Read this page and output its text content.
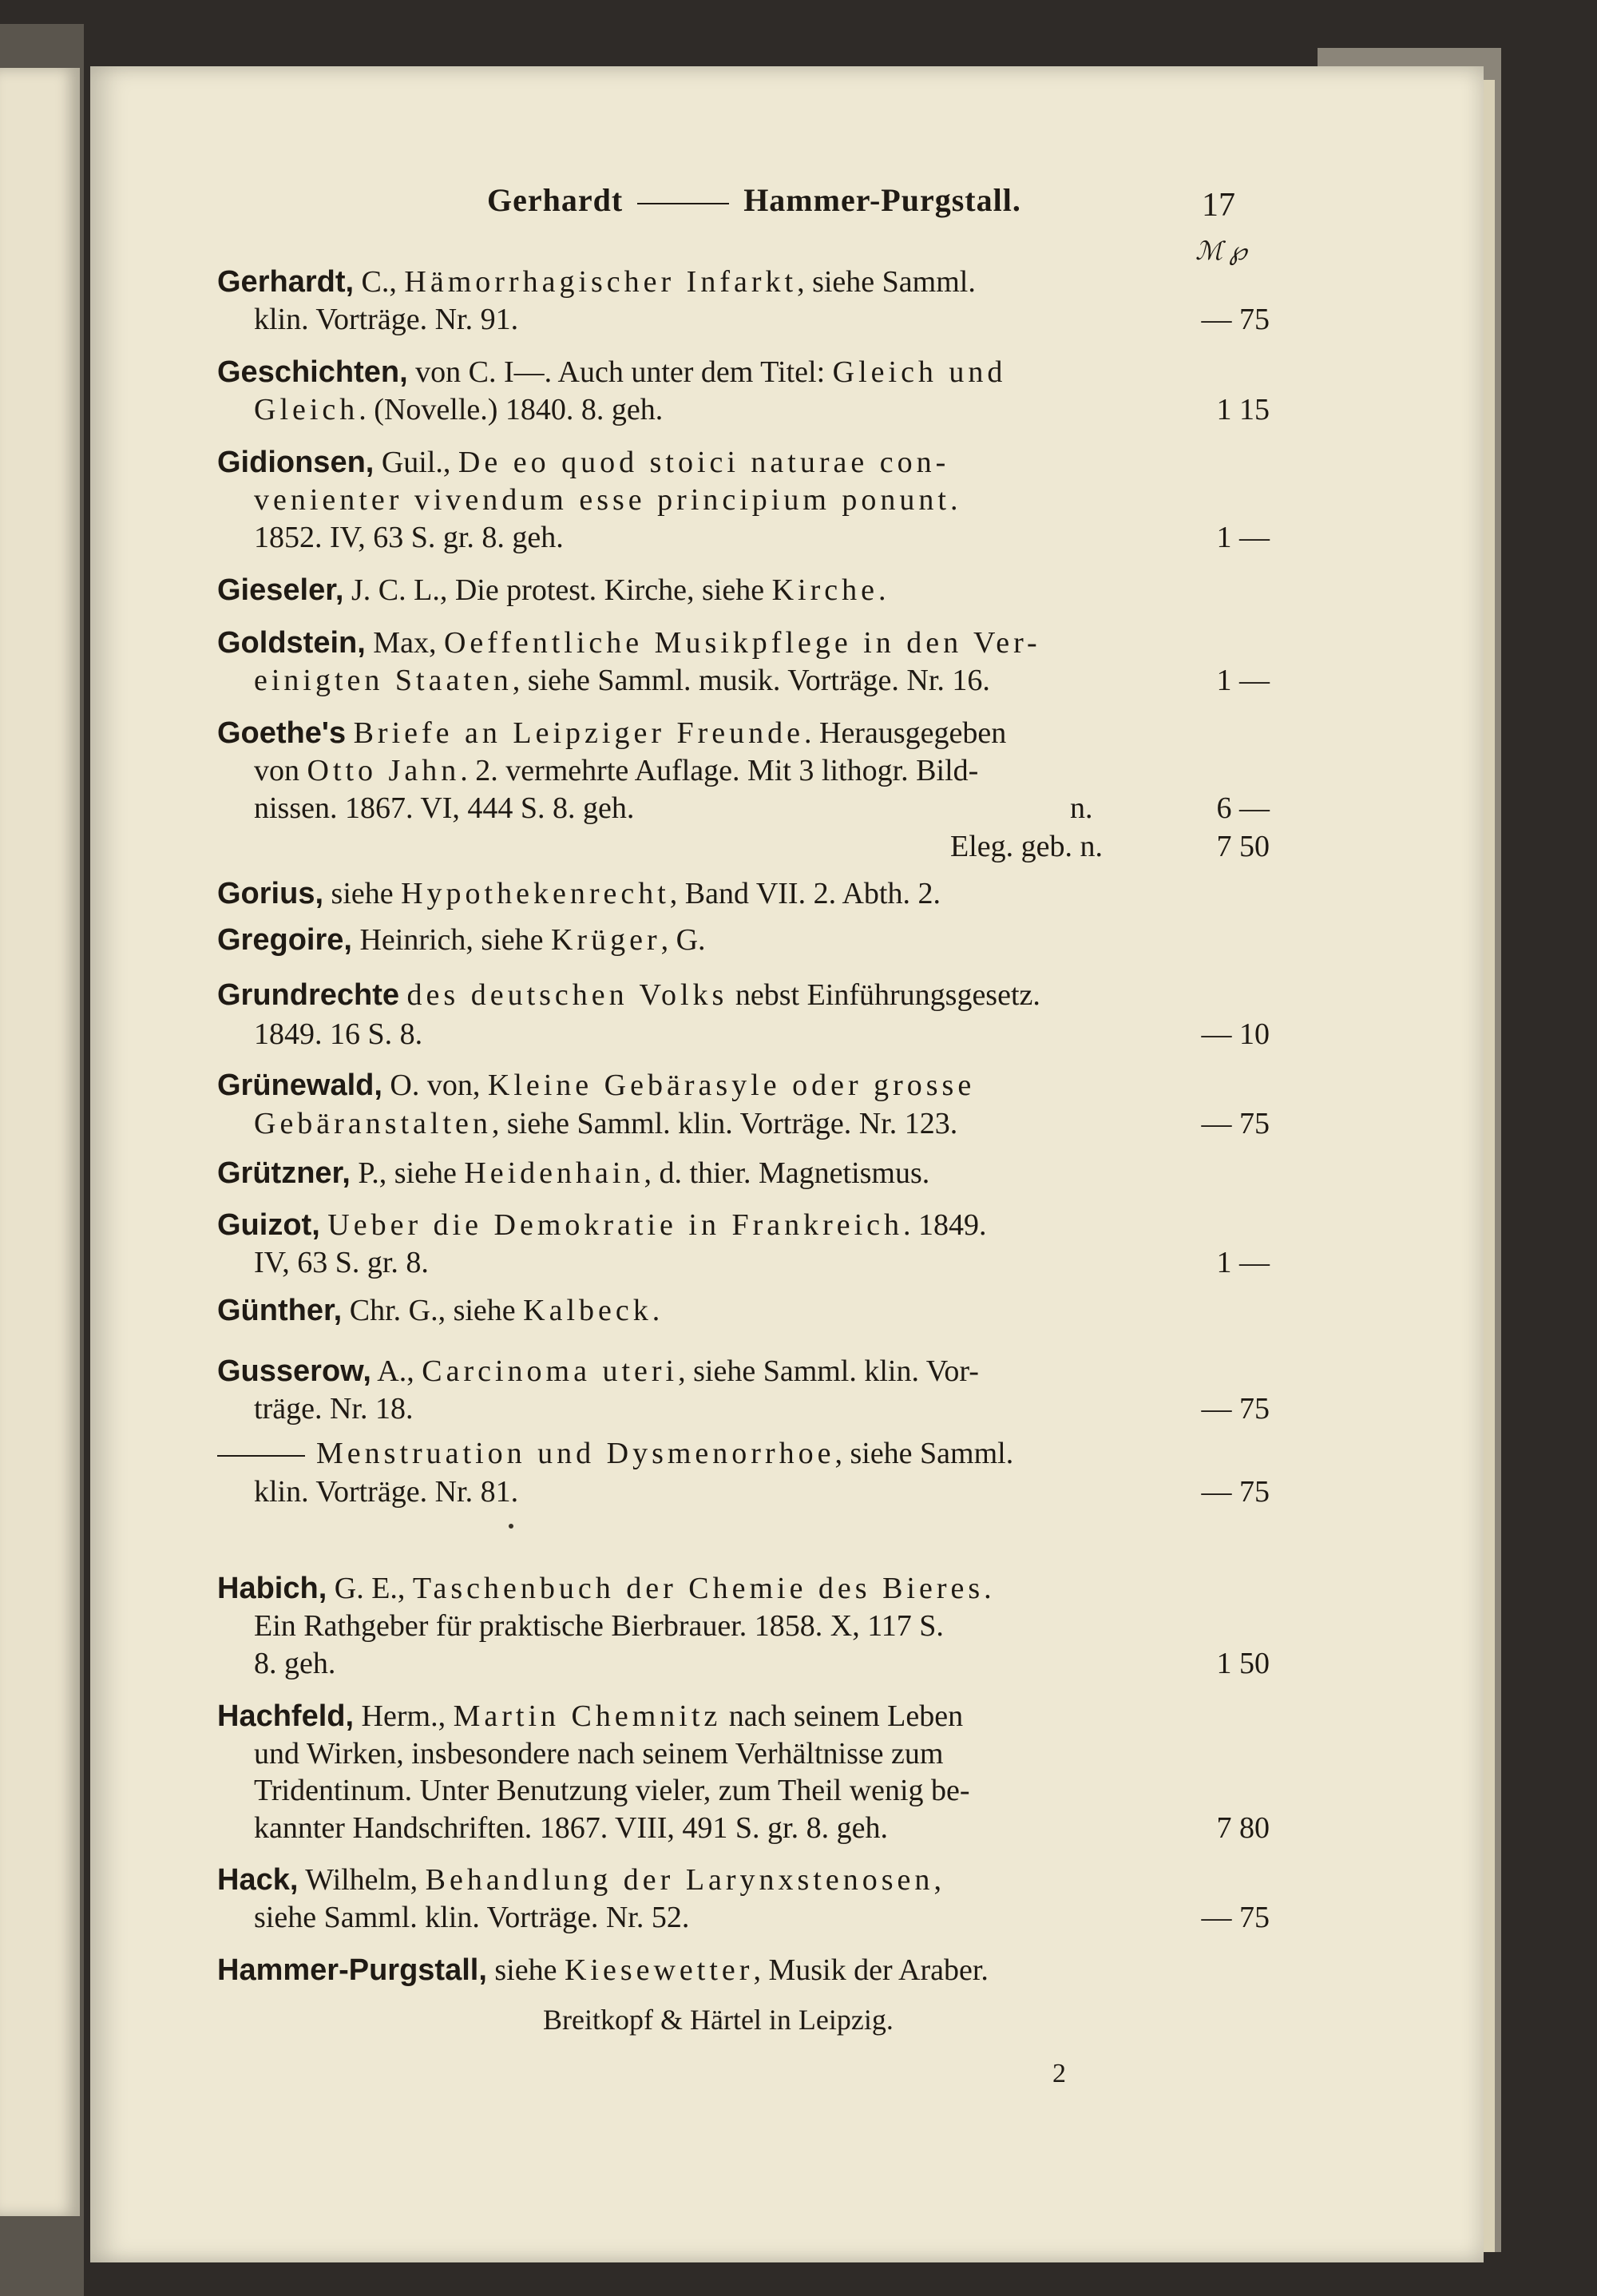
Gerhardt	Hammer-Purgstall.	17
ℳ ℘
Gerhardt, C., Hämorrhagischer Infarkt, siehe Samml.
klin. Vorträge. Nr. 91.	— 75
Geschichten, von C. I—. Auch unter dem Titel: Gleich und
Gleich. (Novelle.) 1840. 8. geh.	1 15
Gidionsen, Guil., De eo quod stoici naturae con-
venienter vivendum esse principium ponunt.
1852. IV, 63 S. gr. 8. geh.	1 —
Gieseler, J. C. L., Die protest. Kirche, siehe Kirche.
Goldstein, Max, Oeffentliche Musikpflege in den Ver-
einigten Staaten, siehe Samml. musik. Vorträge. Nr. 16.	1 —
Goethe's Briefe an Leipziger Freunde. Herausgegeben
von Otto Jahn. 2. vermehrte Auflage. Mit 3 lithogr. Bild-
nissen. 1867. VI, 444 S. 8. geh.	n.	6 —
Eleg. geb. n.	7 50
Gorius, siehe Hypothekenrecht, Band VII. 2. Abth. 2.
Gregoire, Heinrich, siehe Krüger, G.
Grundrechte des deutschen Volks nebst Einführungsgesetz.
1849. 16 S. 8.	— 10
Grünewald, O. von, Kleine Gebärasyle oder grosse
Gebäranstalten, siehe Samml. klin. Vorträge. Nr. 123.	— 75
Grützner, P., siehe Heidenhain, d. thier. Magnetismus.
Guizot, Ueber die Demokratie in Frankreich. 1849.
IV, 63 S. gr. 8.	1 —
Günther, Chr. G., siehe Kalbeck.
Gusserow, A., Carcinoma uteri, siehe Samml. klin. Vor-
träge. Nr. 18.	— 75
Menstruation und Dysmenorrhoe, siehe Samml.
klin. Vorträge. Nr. 81.	— 75
Habich, G. E., Taschenbuch der Chemie des Bieres.
Ein Rathgeber für praktische Bierbrauer. 1858. X, 117 S.
8. geh.	1 50
Hachfeld, Herm., Martin Chemnitz nach seinem Leben
und Wirken, insbesondere nach seinem Verhältnisse zum
Tridentinum. Unter Benutzung vieler, zum Theil wenig be-
kannter Handschriften. 1867. VIII, 491 S. gr. 8. geh.	7 80
Hack, Wilhelm, Behandlung der Larynxstenosen,
siehe Samml. klin. Vorträge. Nr. 52.	— 75
Hammer-Purgstall, siehe Kiesewetter, Musik der Araber.
Breitkopf & Härtel in Leipzig.
2
